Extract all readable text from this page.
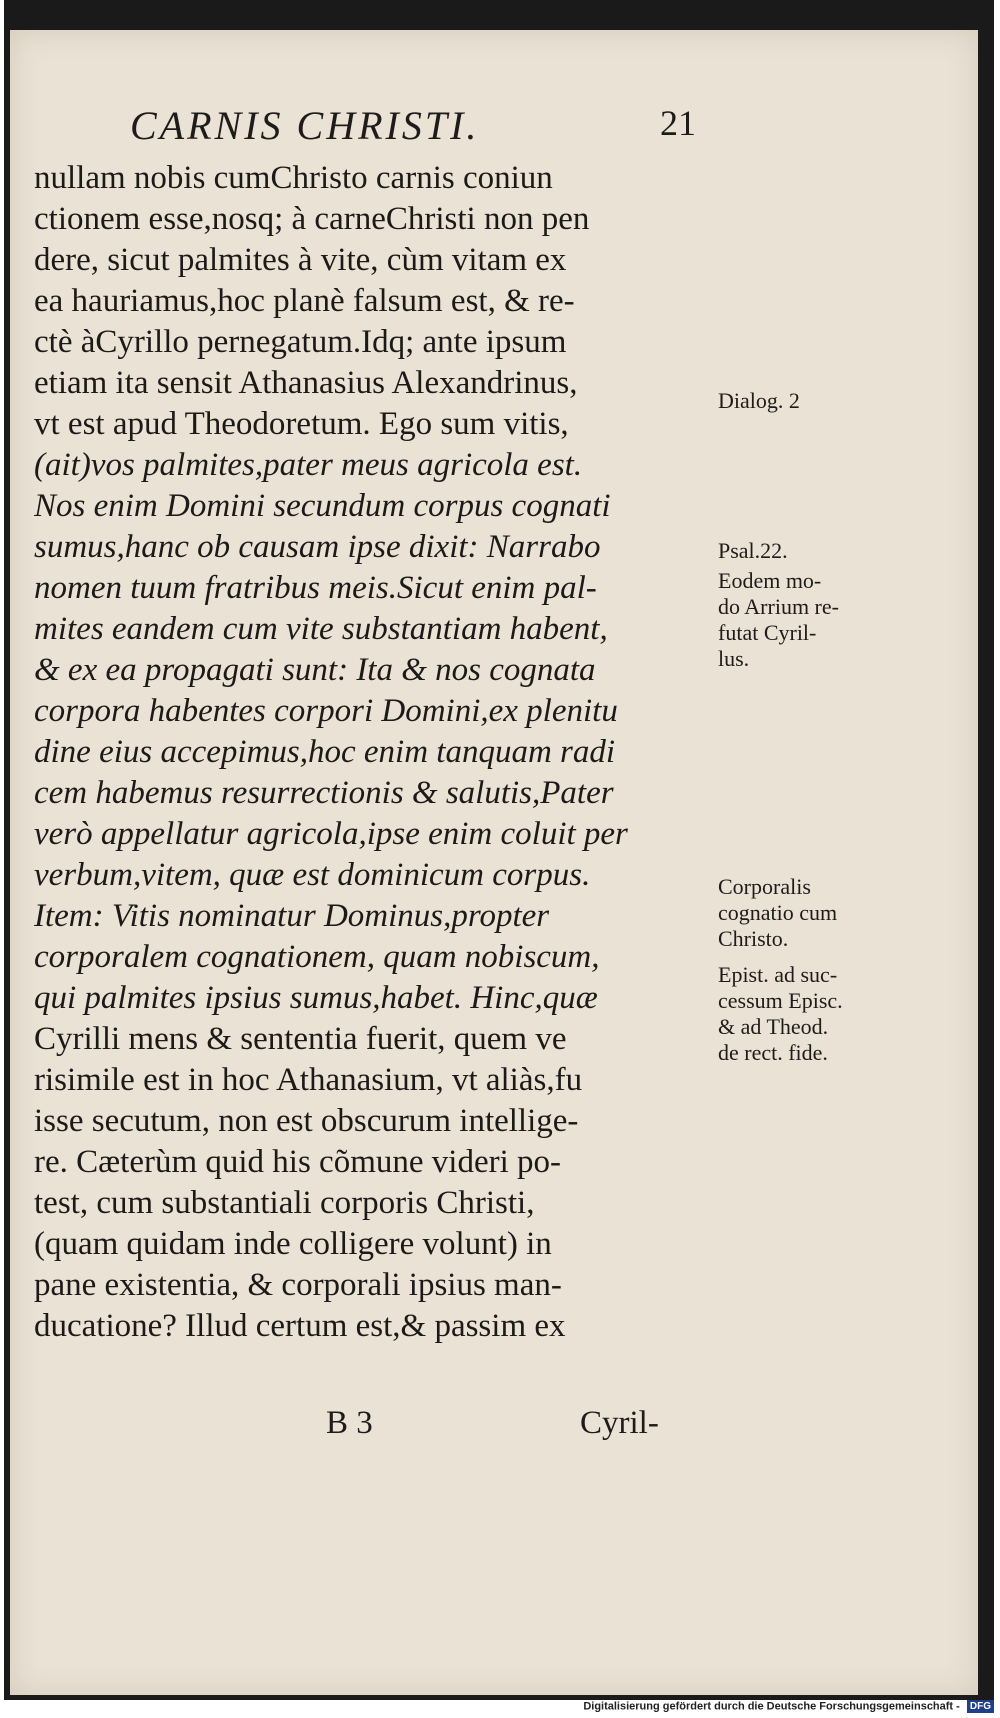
CARNIS CHRISTI.	21
nullam nobis cumChristo carnis coniun
ctionem esse,nosq; à carneChristi non pen
dere, sicut palmites à vite, cùm vitam ex
ea hauriamus,hoc planè falsum est, & re-
ctè àCyrillo pernegatum.Idq; ante ipsum
etiam ita sensit Athanasius Alexandrinus,
vt est apud Theodoretum. Ego sum vitis,
(ait)vos palmites,pater meus agricola est.
Nos enim Domini secundum corpus cognati
sumus,hanc ob causam ipse dixit: Narrabo
nomen tuum fratribus meis.Sicut enim pal-
mites eandem cum vite substantiam habent,
& ex ea propagati sunt: Ita & nos cognata
corpora habentes corpori Domini,ex plenitu
dine eius accepimus,hoc enim tanquam radi
cem habemus resurrectionis & salutis,Pater
verò appellatur agricola,ipse enim coluit per
verbum,vitem, quæ est dominicum corpus.
Item: Vitis nominatur Dominus,propter
corporalem cognationem, quam nobiscum,
qui palmites ipsius sumus,habet. Hinc,quæ
Cyrilli mens & sententia fuerit, quem ve
risimile est in hoc Athanasium, vt aliàs,fu
isse secutum, non est obscurum intellige-
re. Cæterùm quid his cõmune videri po-
test, cum substantiali corporis Christi,
(quam quidam inde colligere volunt) in
pane existentia, & corporali ipsius man-
ducatione? Illud certum est,& passim ex
Dialog. 2
Psal.22.
Eodem mo-
do Arrium re-
futat Cyril-
lus.
Corporalis
cognatio cum
Christo.
Epist. ad suc-
cessum Episc.
& ad Theod.
de rect. fide.
B 3	Cyril-
Digitalisierung gefördert durch die Deutsche Forschungsgemeinschaft - DFG
